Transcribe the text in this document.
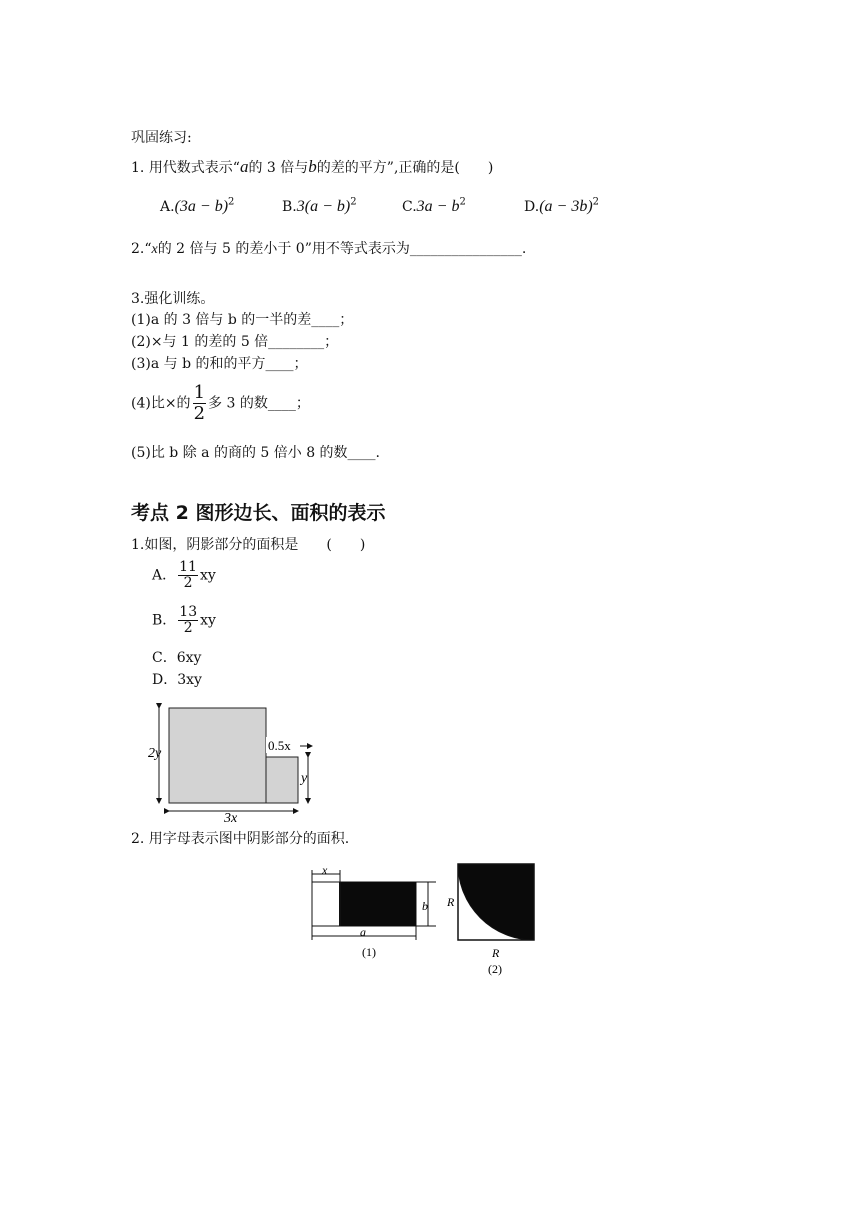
巩固练习:
1. 用代数式表示“a的 3 倍与b的差的平方”,正确的是(　　)
$A.(3a - b)^2$	$B.3(a - b)^2$	$C.3a - b^2$	$D.(a - 3b)^2$
2.“x的 2 倍与 5 的差小于 0”用不等式表示为________________.
3.强化训练。
(1)a 的 3 倍与 b 的一半的差____；
(2)×与 1 的差的 5 倍________；
(3)a 与 b 的和的平方____；
(4)比×的 $\frac{1}{2}$ 多 3 的数____；
(5)比 b 除 a 的商的 5 倍小 8 的数____.
考点 2 图形边长、面积的表示
1.如图，阴影部分的面积是　　(　　)
A． $\frac{11}{2}$ xy
B． $\frac{13}{2}$ xy
C．6xy
D．3xy
2y
0.5x
y
3x
2. 用字母表示图中阴影部分的面积.
x
b
a
(1)
R
R
(2)
